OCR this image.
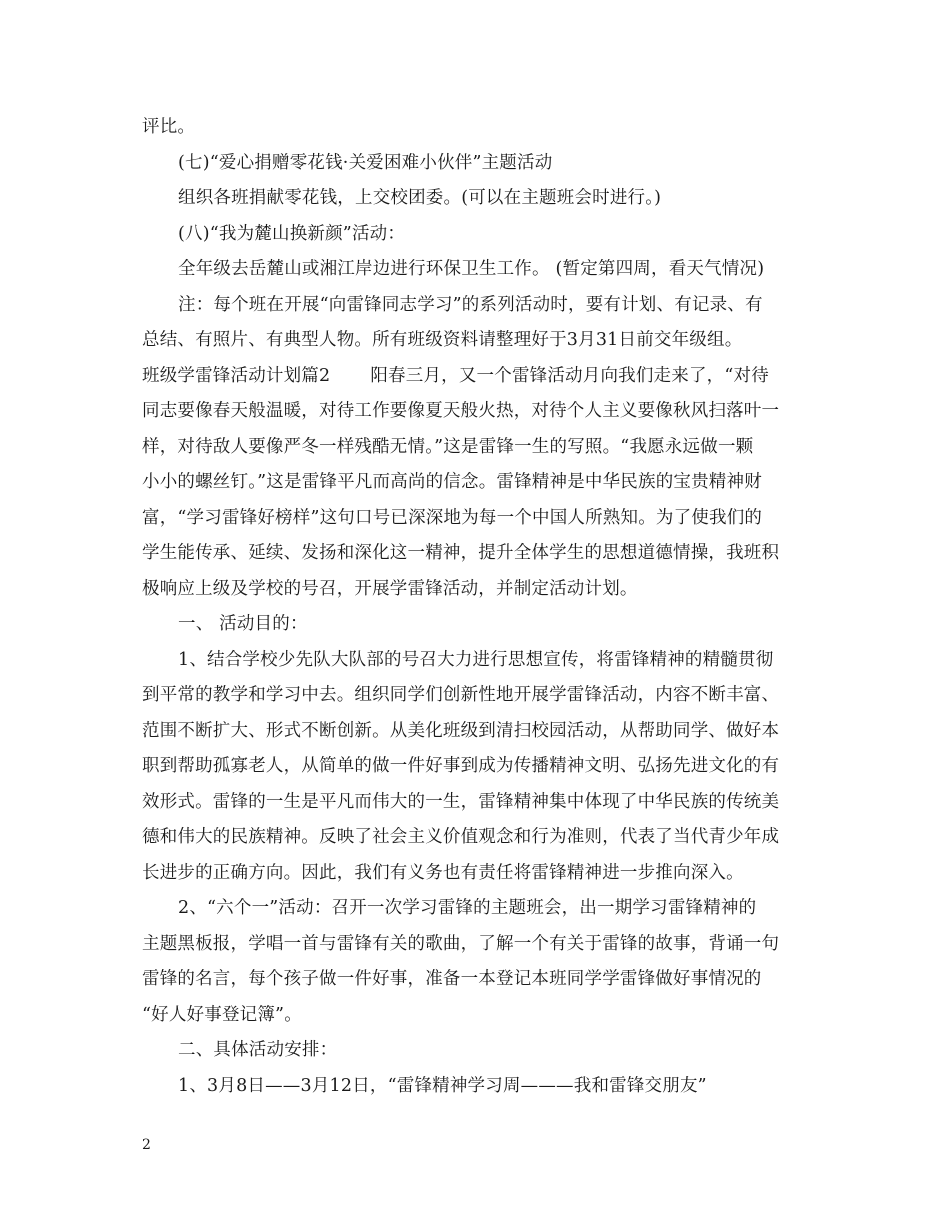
评比。
(七)“爱心捐赠零花钱·关爱困难小伙伴”主题活动
组织各班捐献零花钱，上交校团委。(可以在主题班会时进行。)
(八)“我为麓山换新颜”活动：
全年级去岳麓山或湘江岸边进行环保卫生工作。 (暂定第四周，看天气情况)
注：每个班在开展“向雷锋同志学习”的系列活动时，要有计划、有记录、有
总结、有照片、有典型人物。所有班级资料请整理好于3月31日前交年级组。
班级学雷锋活动计划篇2 阳春三月，又一个雷锋活动月向我们走来了，“对待
同志要像春天般温暖，对待工作要像夏天般火热，对待个人主义要像秋风扫落叶一
样，对待敌人要像严冬一样残酷无情。”这是雷锋一生的写照。“我愿永远做一颗
小小的螺丝钉。”这是雷锋平凡而高尚的信念。雷锋精神是中华民族的宝贵精神财
富，“学习雷锋好榜样”这句口号已深深地为每一个中国人所熟知。为了使我们的
学生能传承、延续、发扬和深化这一精神，提升全体学生的思想道德情操，我班积
极响应上级及学校的号召，开展学雷锋活动，并制定活动计划。
一、 活动目的：
1、结合学校少先队大队部的号召大力进行思想宣传，将雷锋精神的精髓贯彻
到平常的教学和学习中去。组织同学们创新性地开展学雷锋活动，内容不断丰富、
范围不断扩大、形式不断创新。从美化班级到清扫校园活动，从帮助同学、做好本
职到帮助孤寡老人，从简单的做一件好事到成为传播精神文明、弘扬先进文化的有
效形式。雷锋的一生是平凡而伟大的一生，雷锋精神集中体现了中华民族的传统美
德和伟大的民族精神。反映了社会主义价值观念和行为准则，代表了当代青少年成
长进步的正确方向。因此，我们有义务也有责任将雷锋精神进一步推向深入。
2、“六个一”活动：召开一次学习雷锋的主题班会，出一期学习雷锋精神的
主题黑板报，学唱一首与雷锋有关的歌曲，了解一个有关于雷锋的故事，背诵一句
雷锋的名言，每个孩子做一件好事，准备一本登记本班同学学雷锋做好事情况的
“好人好事登记簿”。
二、具体活动安排：
1、3月8日——3月12日，“雷锋精神学习周———我和雷锋交朋友”
2
